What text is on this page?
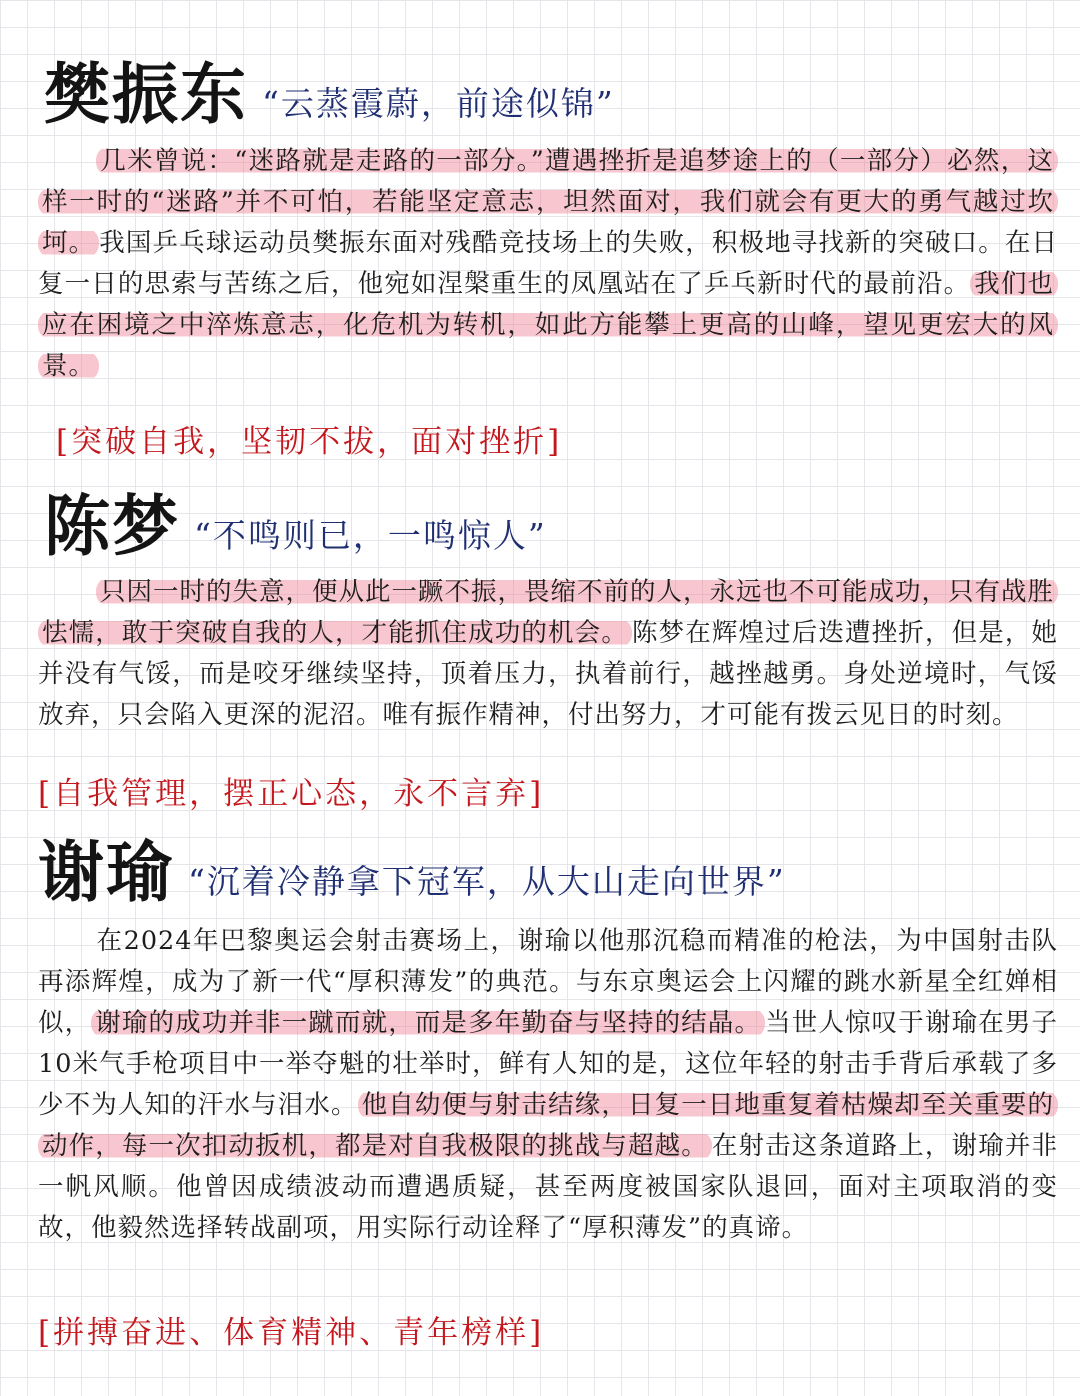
樊振东 “云蒸霞蔚，前途似锦”
几米曾说：“迷路就是走路的一部分。”遭遇挫折是追梦途上的（一部分）必然，这样一时的“迷路”并不可怕，若能坚定意志，坦然面对，我们就会有更大的勇气越过坎坷。 我国乒乓球运动员樊振东面对残酷竞技场上的失败，积极地寻找新的突破口。在日复一日的思索与苦练之后，他宛如涅槃重生的凤凰站在了乒乓新时代的最前沿。 我们也应在困境之中淬炼意志，化危机为转机，如此方能攀上更高的山峰，望见更宏大的风景。
[突破自我，坚韧不拔，面对挫折]
陈梦 “不鸣则已，一鸣惊人”
只因一时的失意，便从此一蹶不振，畏缩不前的人，永远也不可能成功，只有战胜怯懦，敢于突破自我的人，才能抓住成功的机会。 陈梦在辉煌过后迭遭挫折，但是，她并没有气馁，而是咬牙继续坚持，顶着压力，执着前行，越挫越勇。身处逆境时，气馁放弃，只会陷入更深的泥沼。唯有振作精神，付出努力，才可能有拨云见日的时刻。
[自我管理，摆正心态，永不言弃]
谢瑜 “沉着冷静拿下冠军，从大山走向世界”
在2024年巴黎奥运会射击赛场上，谢瑜以他那沉稳而精准的枪法，为中国射击队再添辉煌，成为了新一代“厚积薄发”的典范。与东京奥运会上闪耀的跳水新星全红婵相似， 谢瑜的成功并非一蹴而就，而是多年勤奋与坚持的结晶。 当世人惊叹于谢瑜在男子10米气手枪项目中一举夺魁的壮举时，鲜有人知的是，这位年轻的射击手背后承载了多少不为人知的汗水与泪水。 他自幼便与射击结缘，日复一日地重复着枯燥却至关重要的动作，每一次扣动扳机，都是对自我极限的挑战与超越。 在射击这条道路上，谢瑜并非一帆风顺。他曾因成绩波动而遭遇质疑，甚至两度被国家队退回，面对主项取消的变故，他毅然选择转战副项，用实际行动诠释了“厚积薄发”的真谛。
[拼搏奋进、体育精神、青年榜样]
